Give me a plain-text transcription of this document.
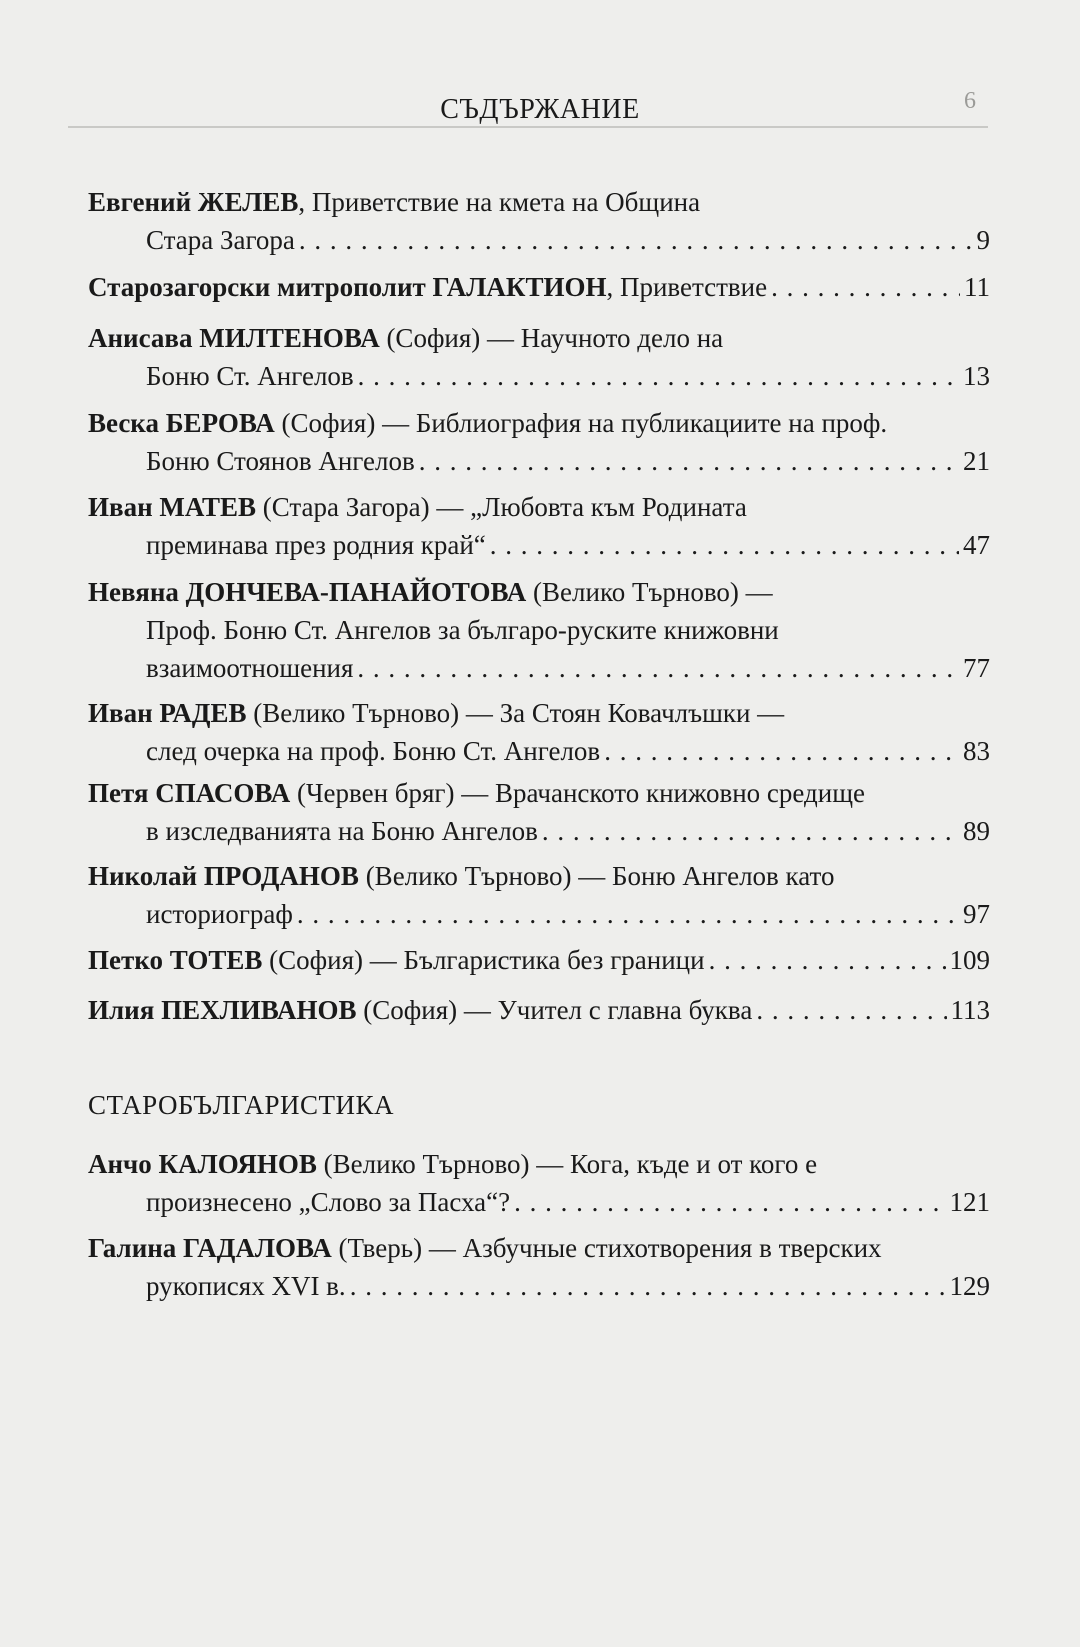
6
СЪДЪРЖАНИЕ
Евгений ЖЕЛЕВ, Приветствие на кмета на Община
Стара Загора . . .	9
Старозагорски митрополит ГАЛАКТИОН, Приветствие . . .	11
Анисава МИЛТЕНОВА (София) — Научното дело на
Боню Ст. Ангелов . . .	13
Веска БЕРОВА (София) — Библиография на публикациите на проф.
Боню Стоянов Ангелов . . .	21
Иван МАТЕВ (Стара Загора) — „Любовта към Родината
преминава през родния край“ . . .	47
Невяна ДОНЧЕВА-ПАНАЙОТОВА (Велико Търново) —
Проф. Боню Ст. Ангелов за българо-руските книжовни
взаимоотношения . . .	77
Иван РАДЕВ (Велико Търново) — За Стоян Ковачлъшки —
след очерка на проф. Боню Ст. Ангелов . . .	83
Петя СПАСОВА (Червен бряг) — Врачанското книжовно средище
в изследванията на Боню Ангелов . . .	89
Николай ПРОДАНОВ (Велико Търново) — Боню Ангелов като
историограф . . .	97
Петко ТОТЕВ (София) — Българистика без граници . . .	109
Илия ПЕХЛИВАНОВ (София) — Учител с главна буква . . .	113
СТАРОБЪЛГАРИСТИКА
Анчо КАЛОЯНОВ (Велико Търново) — Кога, къде и от кого е
произнесено „Слово за Пасха“? . . .	121
Галина ГАДАЛОВА (Тверь) — Азбучные стихотворения в тверских
рукописях XVI в. . . .	129
